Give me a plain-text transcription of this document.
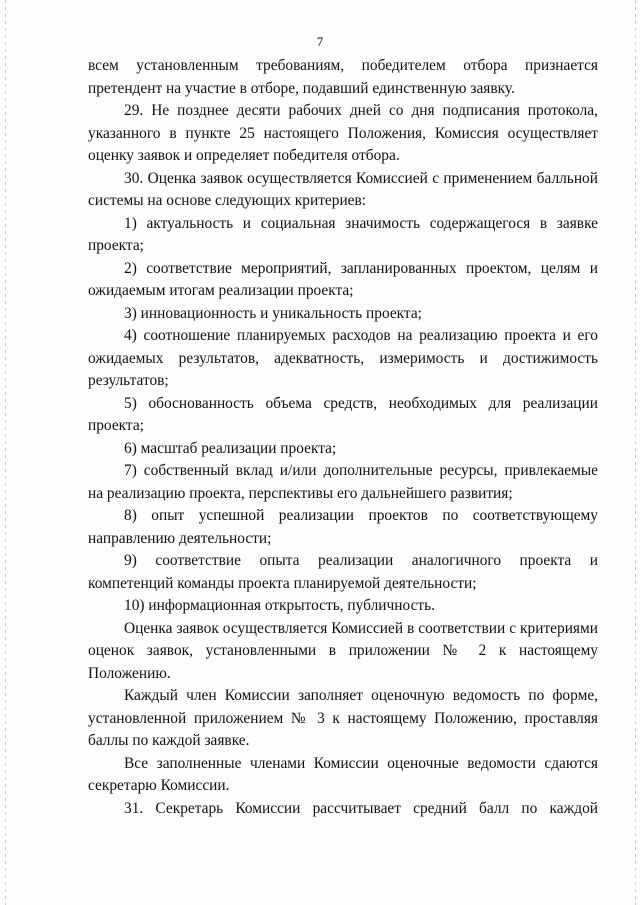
7

всем установленным требованиям, победителем отбора признается претендент на участие в отборе, подавший единственную заявку.

29. Не позднее десяти рабочих дней со дня подписания протокола, указанного в пункте 25 настоящего Положения, Комиссия осуществляет оценку заявок и определяет победителя отбора.

30. Оценка заявок осуществляется Комиссией с применением балльной системы на основе следующих критериев:

1) актуальность и социальная значимость содержащегося в заявке проекта;

2) соответствие мероприятий, запланированных проектом, целям и ожидаемым итогам реализации проекта;

3) инновационность и уникальность проекта;

4) соотношение планируемых расходов на реализацию проекта и его ожидаемых результатов, адекватность, измеримость и достижимость результатов;

5) обоснованность объема средств, необходимых для реализации проекта;

6) масштаб реализации проекта;

7) собственный вклад и/или дополнительные ресурсы, привлекаемые на реализацию проекта, перспективы его дальнейшего развития;

8) опыт успешной реализации проектов по соответствующему направлению деятельности;

9) соответствие опыта реализации аналогичного проекта и компетенций команды проекта планируемой деятельности;

10) информационная открытость, публичность.

Оценка заявок осуществляется Комиссией в соответствии с критериями оценок заявок, установленными в приложении № 2 к настоящему Положению.

Каждый член Комиссии заполняет оценочную ведомость по форме, установленной приложением № 3 к настоящему Положению, проставляя баллы по каждой заявке.

Все заполненные членами Комиссии оценочные ведомости сдаются секретарю Комиссии.

31. Секретарь Комиссии рассчитывает средний балл по каждой
